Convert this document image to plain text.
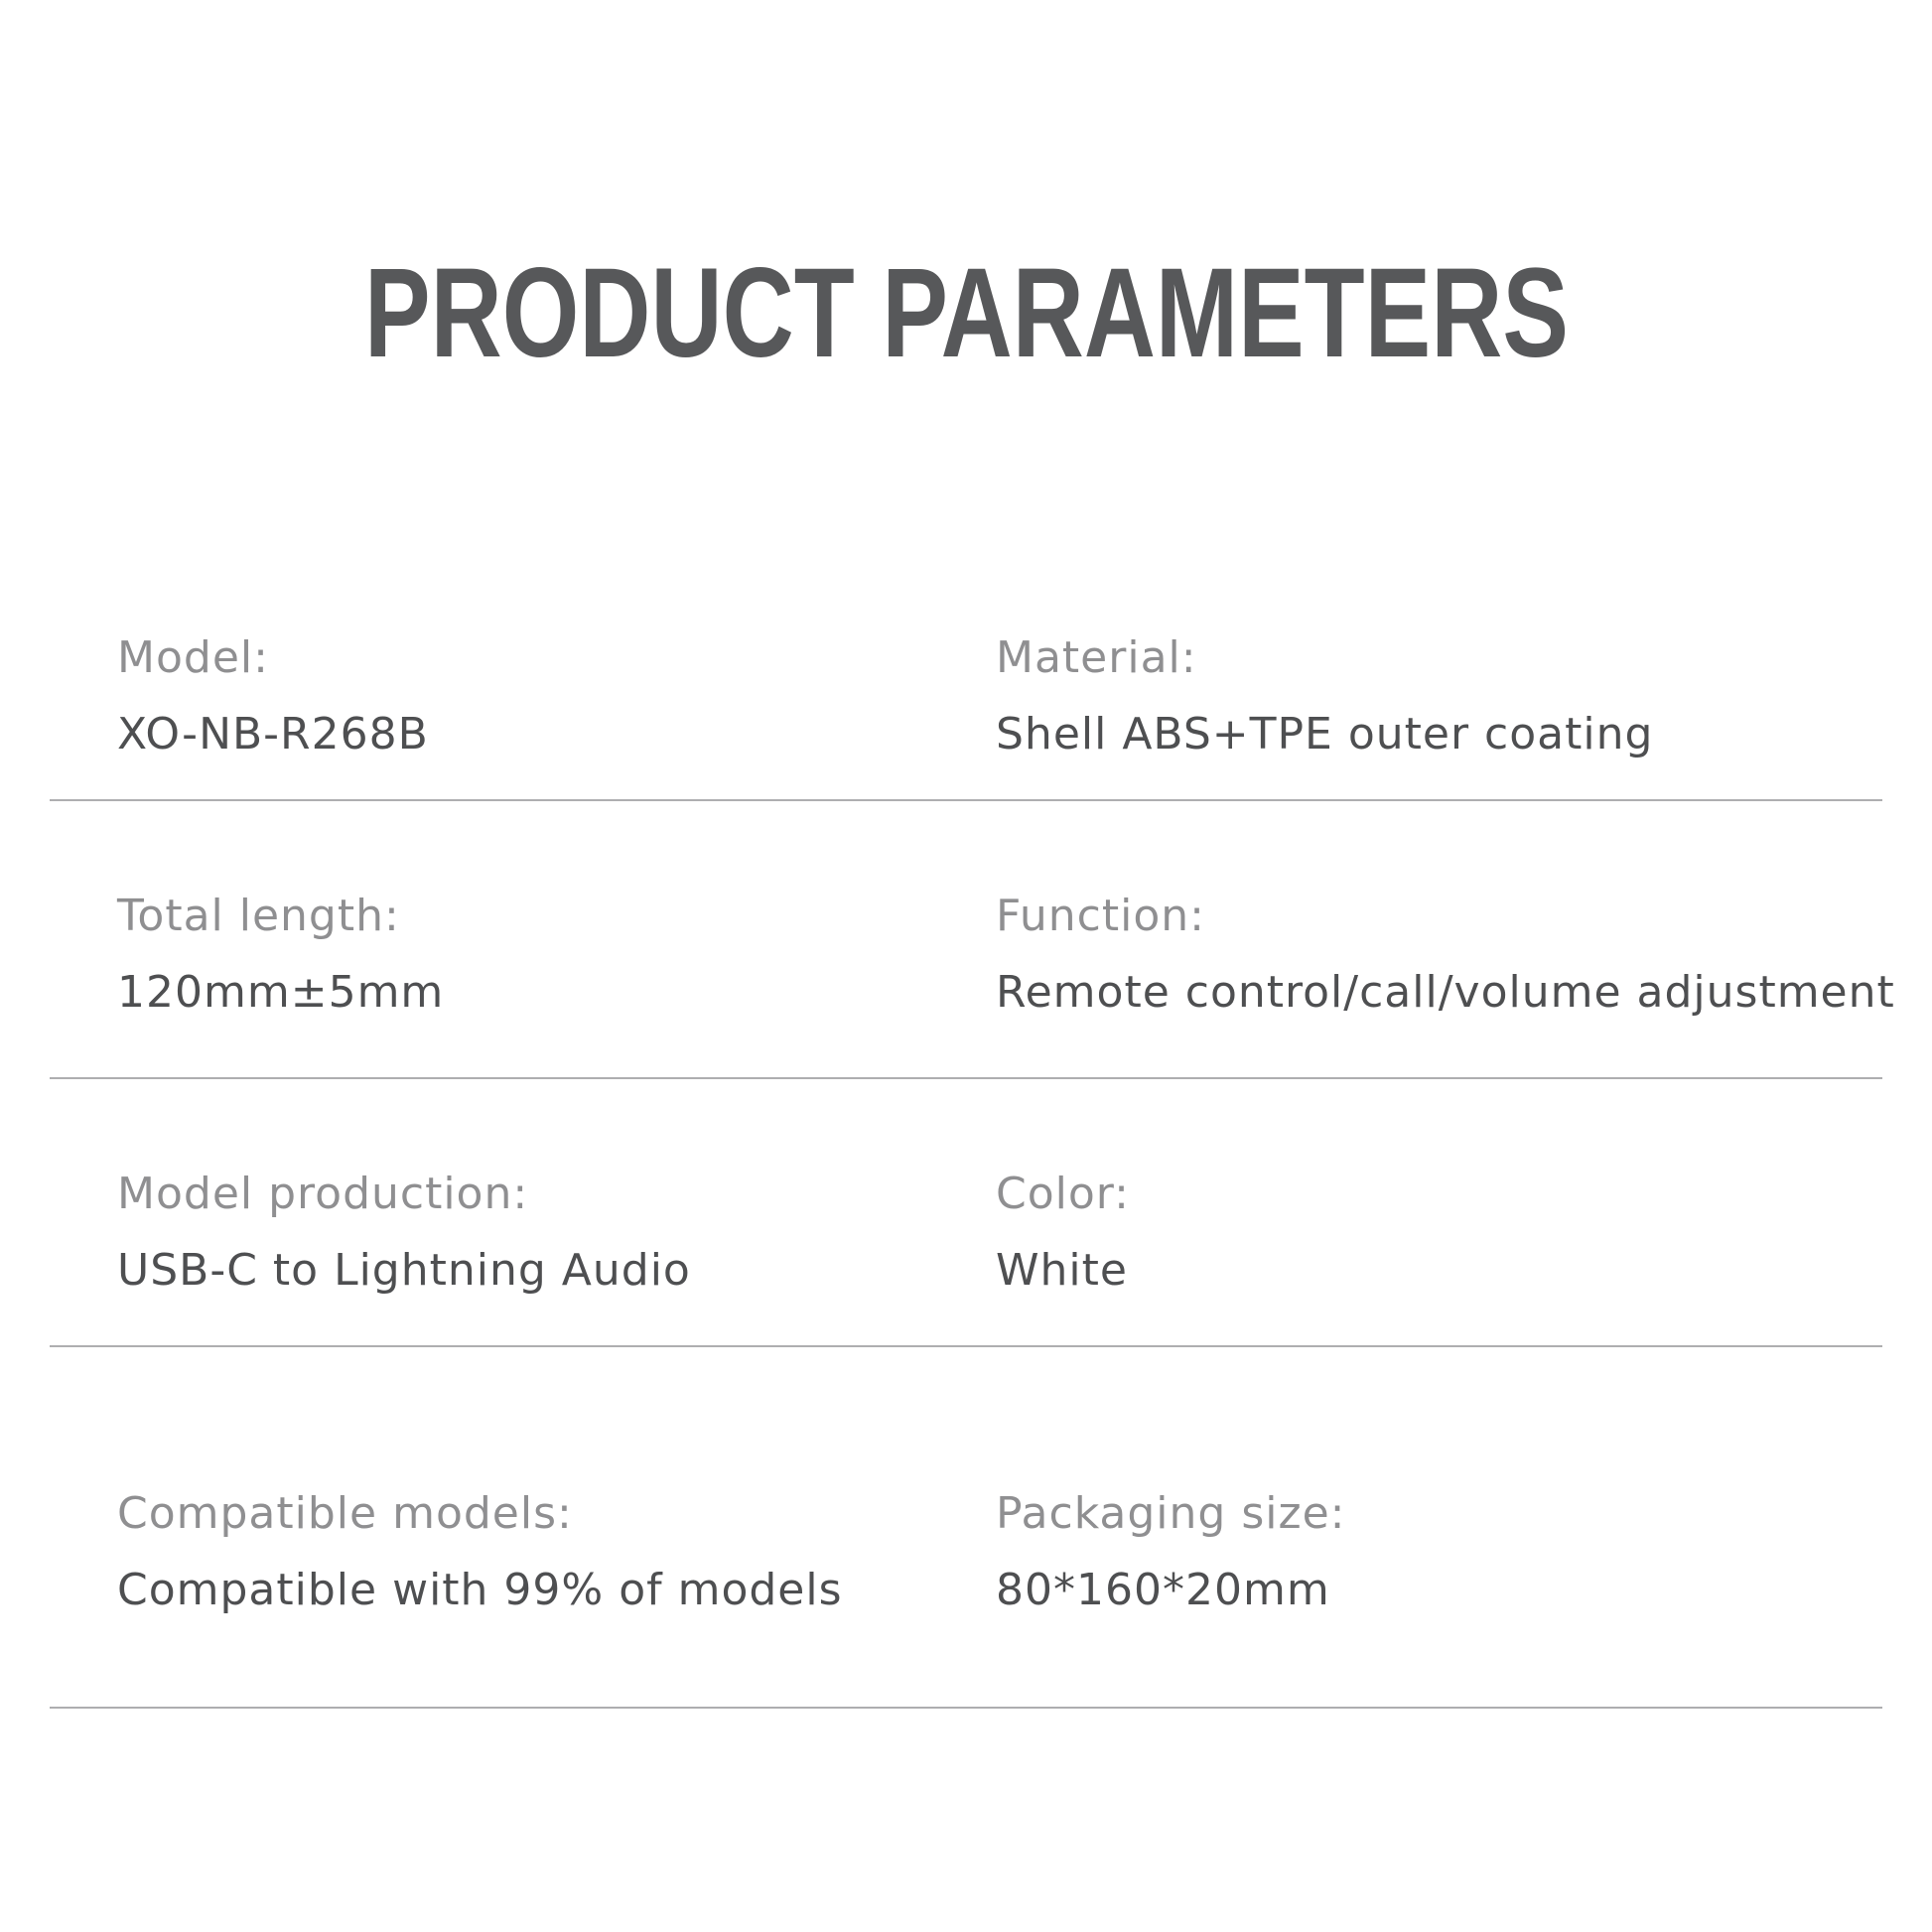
PRODUCT PARAMETERS
Model:
XO-NB-R268B
Material:
Shell ABS+TPE outer coating
Total length:
120mm±5mm
Function:
Remote control/call/volume adjustment
Model production:
USB-C to Lightning Audio
Color:
White
Compatible models:
Compatible with 99% of models
Packaging size:
80*160*20mm
